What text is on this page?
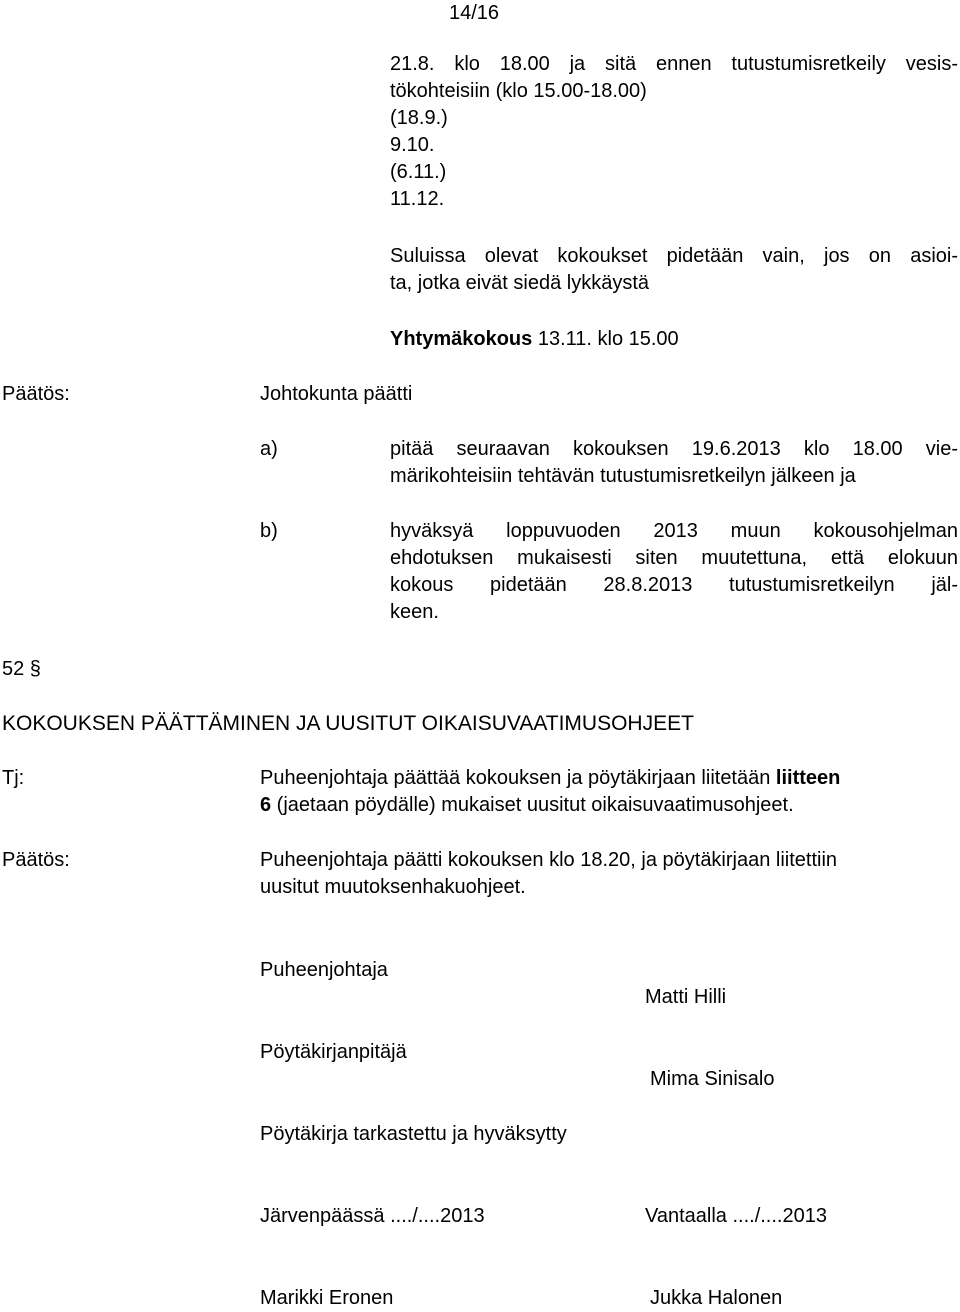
14/16
21.8. klo 18.00 ja sitä ennen tutustumisretkeily vesis-
tökohteisiin (klo 15.00-18.00)
(18.9.)
9.10.
(6.11.)
11.12.
Suluissa olevat kokoukset pidetään vain, jos on asioi-
ta, jotka eivät siedä lykkäystä
Yhtymäkokous 13.11. klo 15.00
Päätös:	Johtokunta päätti
a)	pitää seuraavan kokouksen 19.6.2013 klo 18.00 vie-
märikohteisiin tehtävän tutustumisretkeilyn jälkeen ja
b)	hyväksyä loppuvuoden 2013 muun kokousohjelman
ehdotuksen mukaisesti siten muutettuna, että elokuun
kokous pidetään 28.8.2013 tutustumisretkeilyn jäl-
keen.
52 §
KOKOUKSEN PÄÄTTÄMINEN JA UUSITUT OIKAISUVAATIMUSOHJEET
Tj:	Puheenjohtaja päättää kokouksen ja pöytäkirjaan liitetään liitteen
6 (jaetaan pöydälle) mukaiset uusitut oikaisuvaatimusohjeet.
Päätös:	Puheenjohtaja päätti kokouksen klo 18.20, ja pöytäkirjaan liitettiin
uusitut muutoksenhakuohjeet.
Puheenjohtaja
Matti Hilli
Pöytäkirjanpitäjä
Mima Sinisalo
Pöytäkirja tarkastettu ja hyväksytty
Järvenpäässä ..../....2013	Vantaalla ..../....2013
Marikki Eronen	Jukka Halonen
